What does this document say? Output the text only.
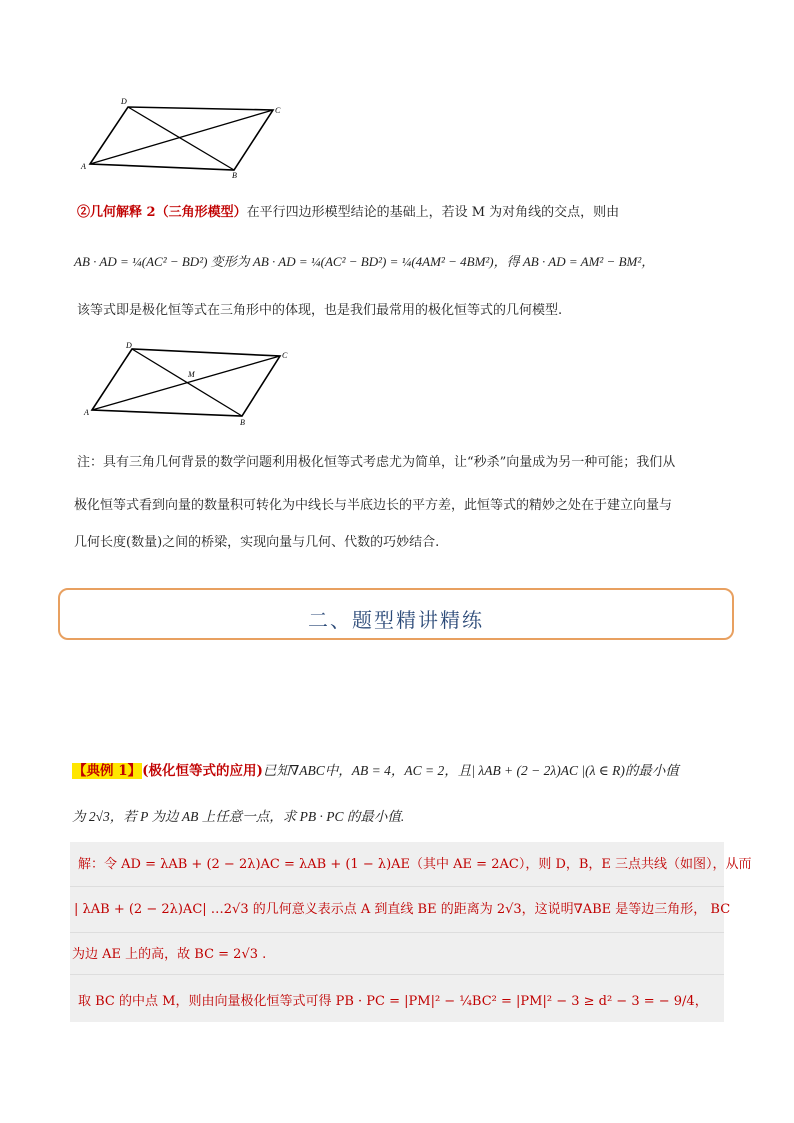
D
C
A
B
②几何解释 2（三角形模型）在平行四边形模型结论的基础上，若设 M 为对角线的交点，则由
AB · AD = ¼(AC² − BD²) 变形为 AB · AD = ¼(AC² − BD²) = ¼(4AM² − 4BM²)，得 AB · AD = AM² − BM²，
该等式即是极化恒等式在三角形中的体现，也是我们最常用的极化恒等式的几何模型.
D
C
M
A
B
注：具有三角几何背景的数学问题利用极化恒等式考虑尤为简单，让“秒杀”向量成为另一种可能；我们从
极化恒等式看到向量的数量积可转化为中线长与半底边长的平方差，此恒等式的精妙之处在于建立向量与
几何长度(数量)之间的桥梁，实现向量与几何、代数的巧妙结合.
二、题型精讲精练
【典例 1】(极化恒等式的应用)已知∇ABC中，AB = 4，AC = 2，且| λAB + (2 − 2λ)AC |(λ ∈ R)的最小值
为 2√3，若 P 为边 AB 上任意一点，求 PB · PC 的最小值.
解：令 AD = λAB + (2 − 2λ)AC = λAB + (1 − λ)AE（其中 AE = 2AC），则 D，B，E 三点共线（如图），从而
| λAB + (2 − 2λ)AC| …2√3 的几何意义表示点 A 到直线 BE 的距离为 2√3，这说明∇ABE 是等边三角形， BC
为边 AE 上的高，故 BC = 2√3 .
取 BC 的中点 M，则由向量极化恒等式可得 PB · PC = |PM|² − ¼BC² = |PM|² − 3 ≥ d² − 3 = − 9/4，
